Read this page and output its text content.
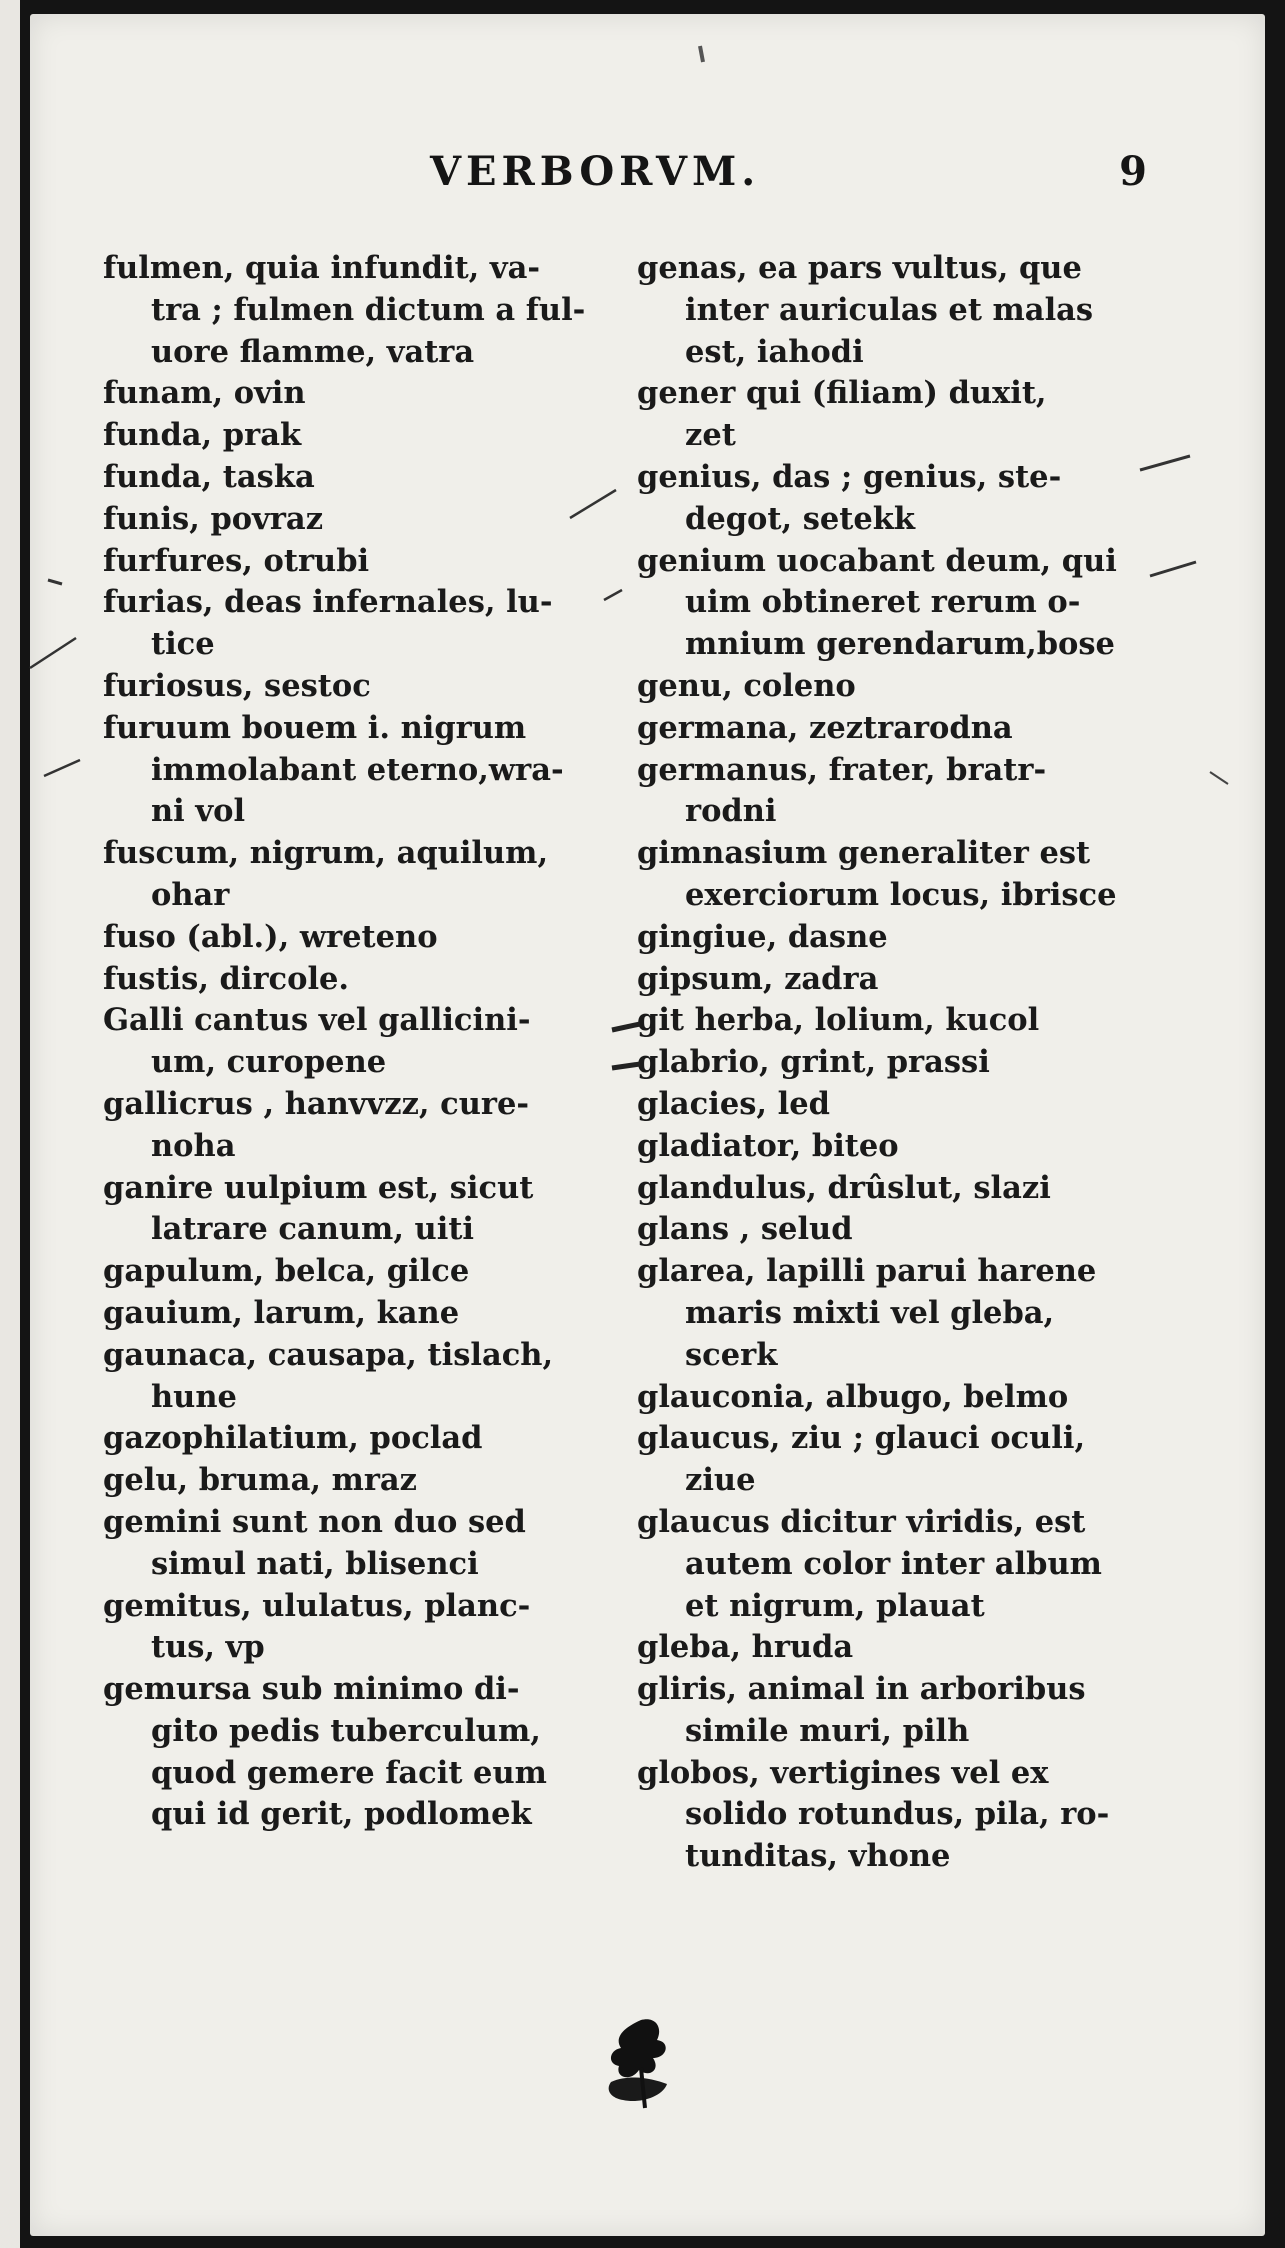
VERBORVM.	9
fulmen, quia infundit, va-
tra ; fulmen dictum a ful-
uore flamme, vatra
funam, ovin
funda, prak
funda, taska
funis, povraz
furfures, otrubi
furias, deas infernales, lu-
tice
furiosus, sestoc
furuum bouem i. nigrum
immolabant eterno,wra-
ni vol
fuscum, nigrum, aquilum,
ohar
fuso (abl.), wreteno
fustis, dircole.
Galli cantus vel gallicini-
um, curopene
gallicrus , hanvvzz, cure-
noha
ganire uulpium est, sicut
latrare canum, uiti
gapulum, belca, gilce
gauium, larum, kane
gaunaca, causapa, tislach,
hune
gazophilatium, poclad
gelu, bruma, mraz
gemini sunt non duo sed
simul nati, blisenci
gemitus, ululatus, planc-
tus, vp
gemursa sub minimo di-
gito pedis tuberculum,
quod gemere facit eum
qui id gerit, podlomek
genas, ea pars vultus, que
inter auriculas et malas
est, iahodi
gener qui (filiam) duxit,
zet
genius, das ; genius, ste-
degot, setekk
genium uocabant deum, qui
uim obtineret rerum o-
mnium gerendarum,bose
genu, coleno
germana, zeztrarodna
germanus, frater, bratr-
rodni
gimnasium generaliter est
exerciorum locus, ibrisce
gingiue, dasne
gipsum, zadra
git herba, lolium, kucol
glabrio, grint, prassi
glacies, led
gladiator, biteo
glandulus, drûslut, slazi
glans , selud
glarea, lapilli parui harene
maris mixti vel gleba,
scerk
glauconia, albugo, belmo
glaucus, ziu ; glauci oculi,
ziue
glaucus dicitur viridis, est
autem color inter album
et nigrum, plauat
gleba, hruda
gliris, animal in arboribus
simile muri, pilh
globos, vertigines vel ex
solido rotundus, pila, ro-
tunditas, vhone
